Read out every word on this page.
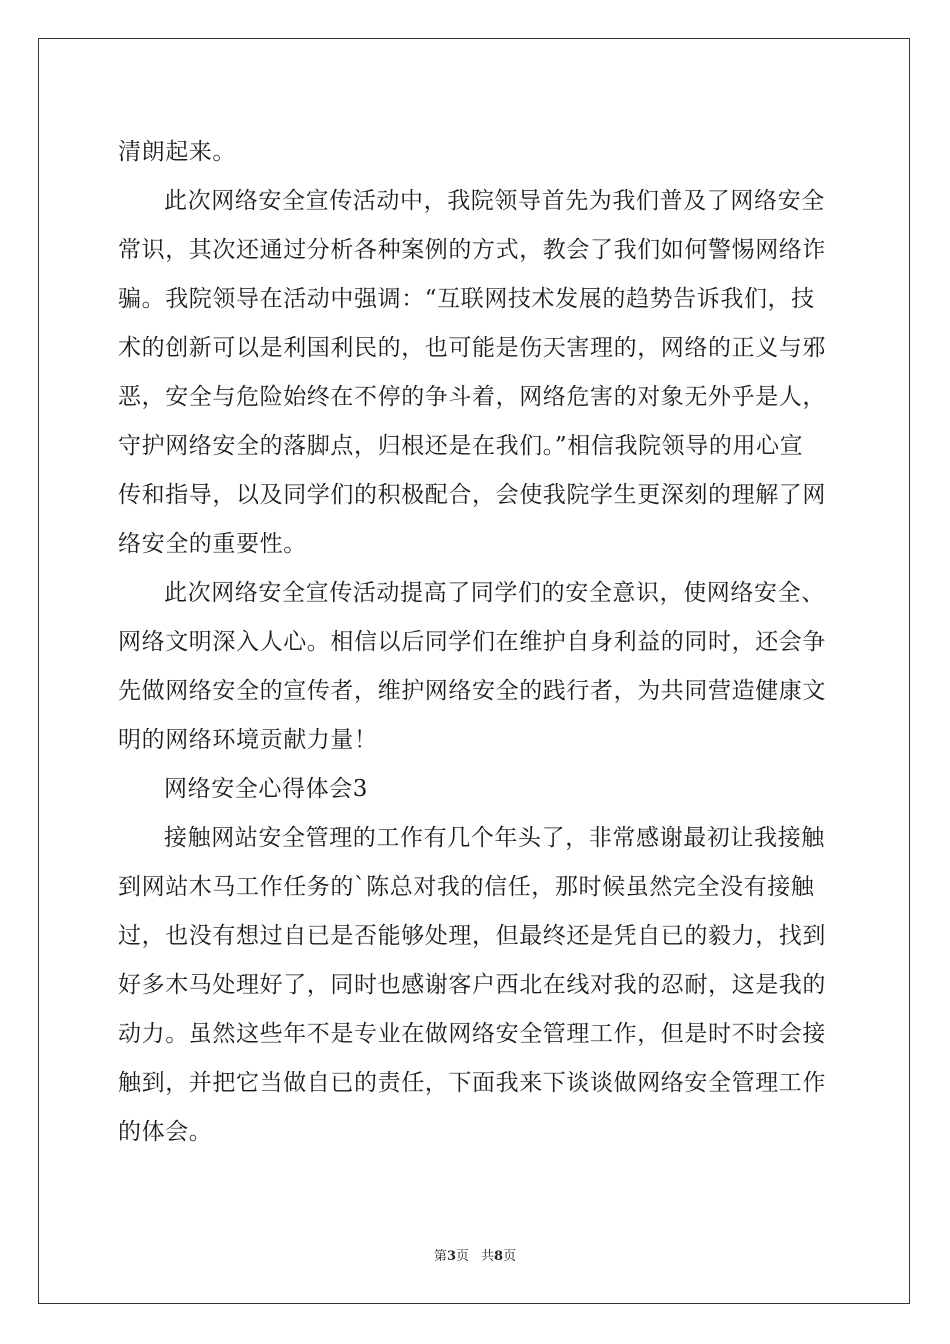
清朗起来。
此次网络安全宣传活动中，我院领导首先为我们普及了网络安全
常识，其次还通过分析各种案例的方式，教会了我们如何警惕网络诈
骗。我院领导在活动中强调：“互联网技术发展的趋势告诉我们，技
术的创新可以是利国利民的，也可能是伤天害理的，网络的正义与邪
恶，安全与危险始终在不停的争斗着，网络危害的对象无外乎是人，
守护网络安全的落脚点，归根还是在我们。”相信我院领导的用心宣
传和指导，以及同学们的积极配合，会使我院学生更深刻的理解了网
络安全的重要性。
此次网络安全宣传活动提高了同学们的安全意识，使网络安全、
网络文明深入人心。相信以后同学们在维护自身利益的同时，还会争
先做网络安全的宣传者，维护网络安全的践行者，为共同营造健康文
明的网络环境贡献力量！
网络安全心得体会3
接触网站安全管理的工作有几个年头了，非常感谢最初让我接触
到网站木马工作任务的`陈总对我的信任，那时候虽然完全没有接触
过，也没有想过自已是否能够处理，但最终还是凭自已的毅力，找到
好多木马处理好了，同时也感谢客户西北在线对我的忍耐，这是我的
动力。虽然这些年不是专业在做网络安全管理工作，但是时不时会接
触到，并把它当做自已的责任，下面我来下谈谈做网络安全管理工作
的体会。
第3页 共8页
